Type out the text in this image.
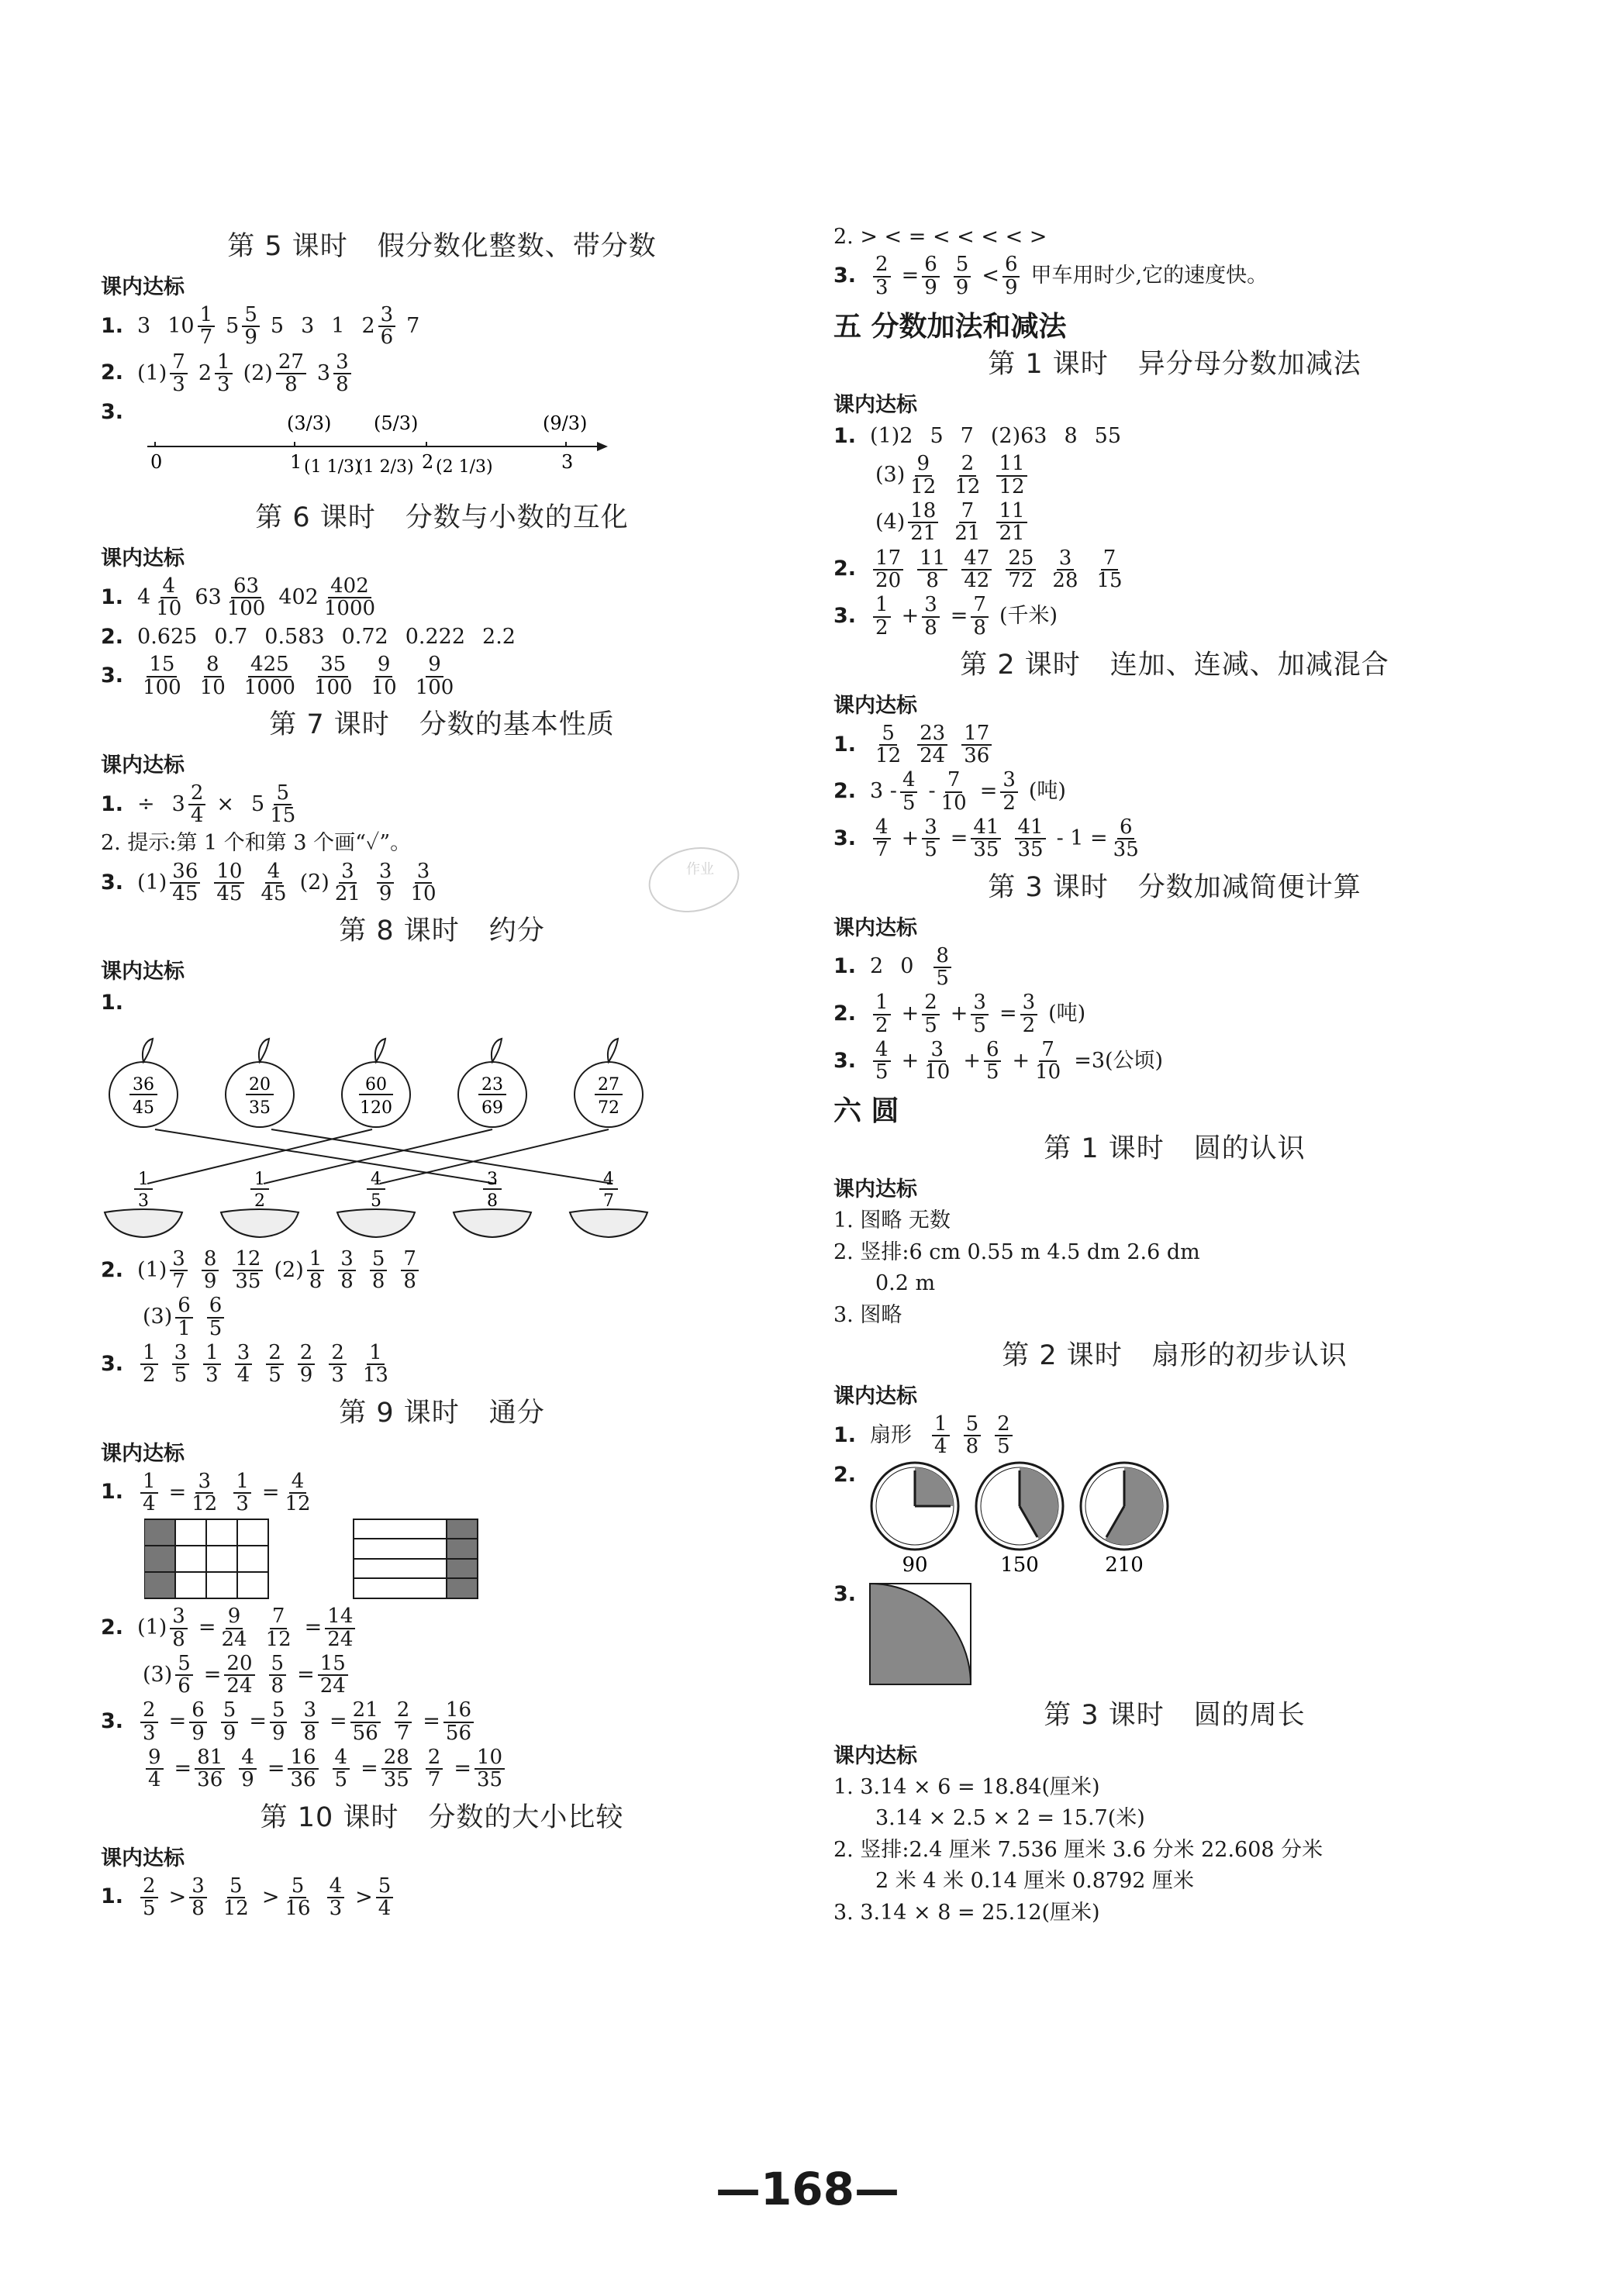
第 5 课时 假分数化整数、带分数
课内达标
1. 3 $10 \frac{1}{7} 5 \frac{5}{9} 5$ 3 1 $2 \frac{3}{6} 7$
2. $(1) \frac{7}{3} 2 \frac{1}{3} (2) \frac{27}{8} 3 \frac{3}{8}$
3.	(3/3) (5/3)	(9/3)
0	1	2	3
(1 1/3)
(1 2/3) (2 1/3)
第 6 课时 分数与小数的互化
课内达标
1. $4 \frac{4}{10} 63 \frac{63}{100} 402 \frac{402}{1000}$
2. 0.625 0.7 0.583 0.72 0.222 2.2
3. $\frac{15}{100} \frac{8}{10} \frac{425}{1000} \frac{35}{100} \frac{9}{10} \frac{9}{100}$
第 7 课时 分数的基本性质
课内达标
1. ÷ $3 \frac{2}{4} \times 5 \frac{5}{15}$
2. 提示:第 1 个和第 3 个画“✓”。
3. $(1) \frac{36}{45} \frac{10}{45} \frac{4}{45} (2) \frac{3}{21} \frac{3}{9} \frac{3}{10}$
第 8 课时 约分
课内达标
1.
36
45
20
35
60
120
23
69
27
72
1
3
1
2
4
5
3
8
4
7
2. $(1) \frac{3}{7} \frac{8}{9} \frac{12}{35} (2) \frac{1}{8} \frac{3}{8} \frac{5}{8} \frac{7}{8}$
$(3) \frac{6}{1} \frac{6}{5}$
3. $\frac{1}{2} \frac{3}{5} \frac{1}{3} \frac{3}{4} \frac{2}{5} \frac{2}{9} \frac{2}{3} \frac{1}{13}$
第 9 课时 通分
课内达标
1. $\frac{1}{4} = \frac{3}{12} \frac{1}{3} = \frac{4}{12}$
2. $(1) \frac{3}{8} = \frac{9}{24} \frac{7}{12} = \frac{14}{24}$
$(3) \frac{5}{6} = \frac{20}{24} \frac{5}{8} = \frac{15}{24}$
3. $\frac{2}{3} = \frac{6}{9} \frac{5}{9} = \frac{5}{9} \frac{3}{8} = \frac{21}{56} \frac{2}{7} = \frac{16}{56}$
$\frac{9}{4} = \frac{81}{36} \frac{4}{9} = \frac{16}{36} \frac{4}{5} = \frac{28}{35} \frac{2}{7} = \frac{10}{35}$
第 10 课时 分数的大小比较
课内达标
1. $\frac{2}{5} > \frac{3}{8} \frac{5}{12} > \frac{5}{16} \frac{4}{3} > \frac{5}{4}$
2. > < = < < < < >
3. $\frac{2}{3} = \frac{6}{9} \frac{5}{9} < \frac{6}{9}$ 甲车用时少,它的速度快。
五 分数加法和减法
第 1 课时 异分母分数加减法
课内达标
1. (1)2 5 7 (2)63 8 55
$(3) \frac{9}{12} \frac{2}{12} \frac{11}{12}$
$(4) \frac{18}{21} \frac{7}{21} \frac{11}{21}$
2. $\frac{17}{20} \frac{11}{8} \frac{47}{42} \frac{25}{72} \frac{3}{28} \frac{7}{15}$
3. $\frac{1}{2} + \frac{3}{8} = \frac{7}{8}$ (千米)
第 2 课时 连加、连减、加减混合
课内达标
1. $\frac{5}{12} \frac{23}{24} \frac{17}{36}$
2. $3 - \frac{4}{5} - \frac{7}{10} = \frac{3}{2}$ (吨)
3. $\frac{4}{7} + \frac{3}{5} = \frac{41}{35} \frac{41}{35} - 1 = \frac{6}{35}$
第 3 课时 分数加减简便计算
课内达标
1. 2 $0 \frac{8}{5}$
2. $\frac{1}{2} + \frac{2}{5} + \frac{3}{5} = \frac{3}{2}$ (吨)
3. $\frac{4}{5} + \frac{3}{10} + \frac{6}{5} + \frac{7}{10} =3$(公顷)
六 圆
第 1 课时 圆的认识
课内达标
1. 图略 无数
2. 竖排:6 cm 0.55 m 4.5 dm 2.6 dm
0.2 m
3. 图略
第 2 课时 扇形的初步认识
课内达标
1. 扇形 $\frac{1}{4} \frac{5}{8} \frac{2}{5}$
2.
90	150	210
3.
第 3 课时 圆的周长
课内达标
1. 3.14 × 6 = 18.84(厘米)
3.14 × 2.5 × 2 = 15.7(米)
2. 竖排:2.4 厘米 7.536 厘米 3.6 分米 22.608 分米
2 米 4 米 0.14 厘米 0.8792 厘米
3. 3.14 × 8 = 25.12(厘米)
作业
—168—
